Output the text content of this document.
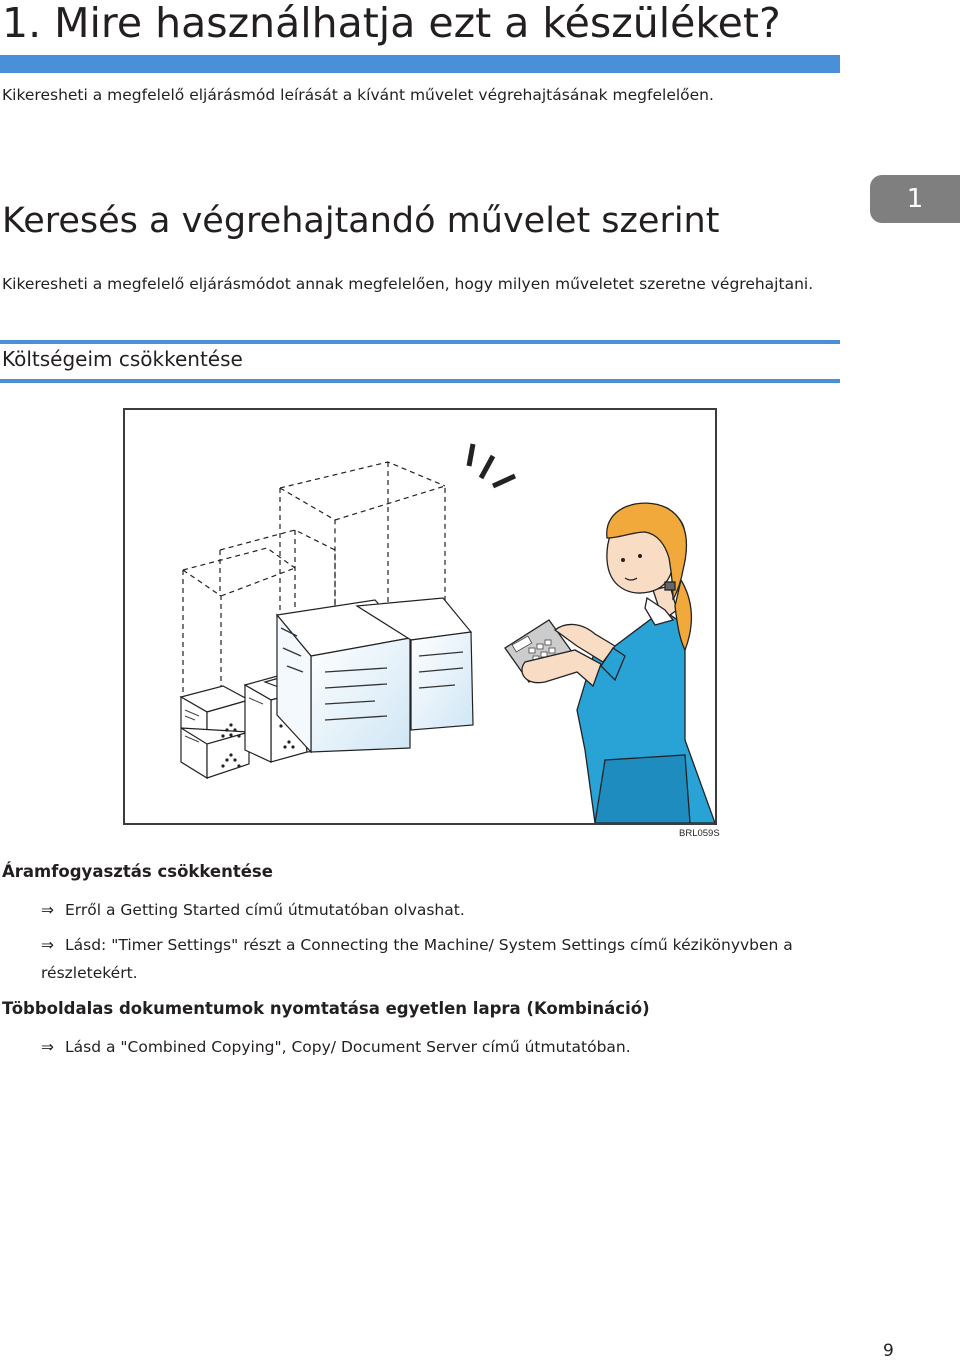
1. Mire használhatja ezt a készüléket?
Kikeresheti a megfelelő eljárásmód leírását a kívánt művelet végrehajtásának megfelelően.
Keresés a végrehajtandó művelet szerint
1
Kikeresheti a megfelelő eljárásmódot annak megfelelően, hogy milyen műveletet szeretne végrehajtani.
Költségeim csökkentése
BRL059S
Áramfogyasztás csökkentése
⇒ Erről a Getting Started című útmutatóban olvashat.
⇒ Lásd: "Timer Settings" részt a Connecting the Machine/ System Settings című kézikönyvben a részletekért.
Többoldalas dokumentumok nyomtatása egyetlen lapra (Kombináció)
⇒ Lásd a "Combined Copying", Copy/ Document Server című útmutatóban.
9
